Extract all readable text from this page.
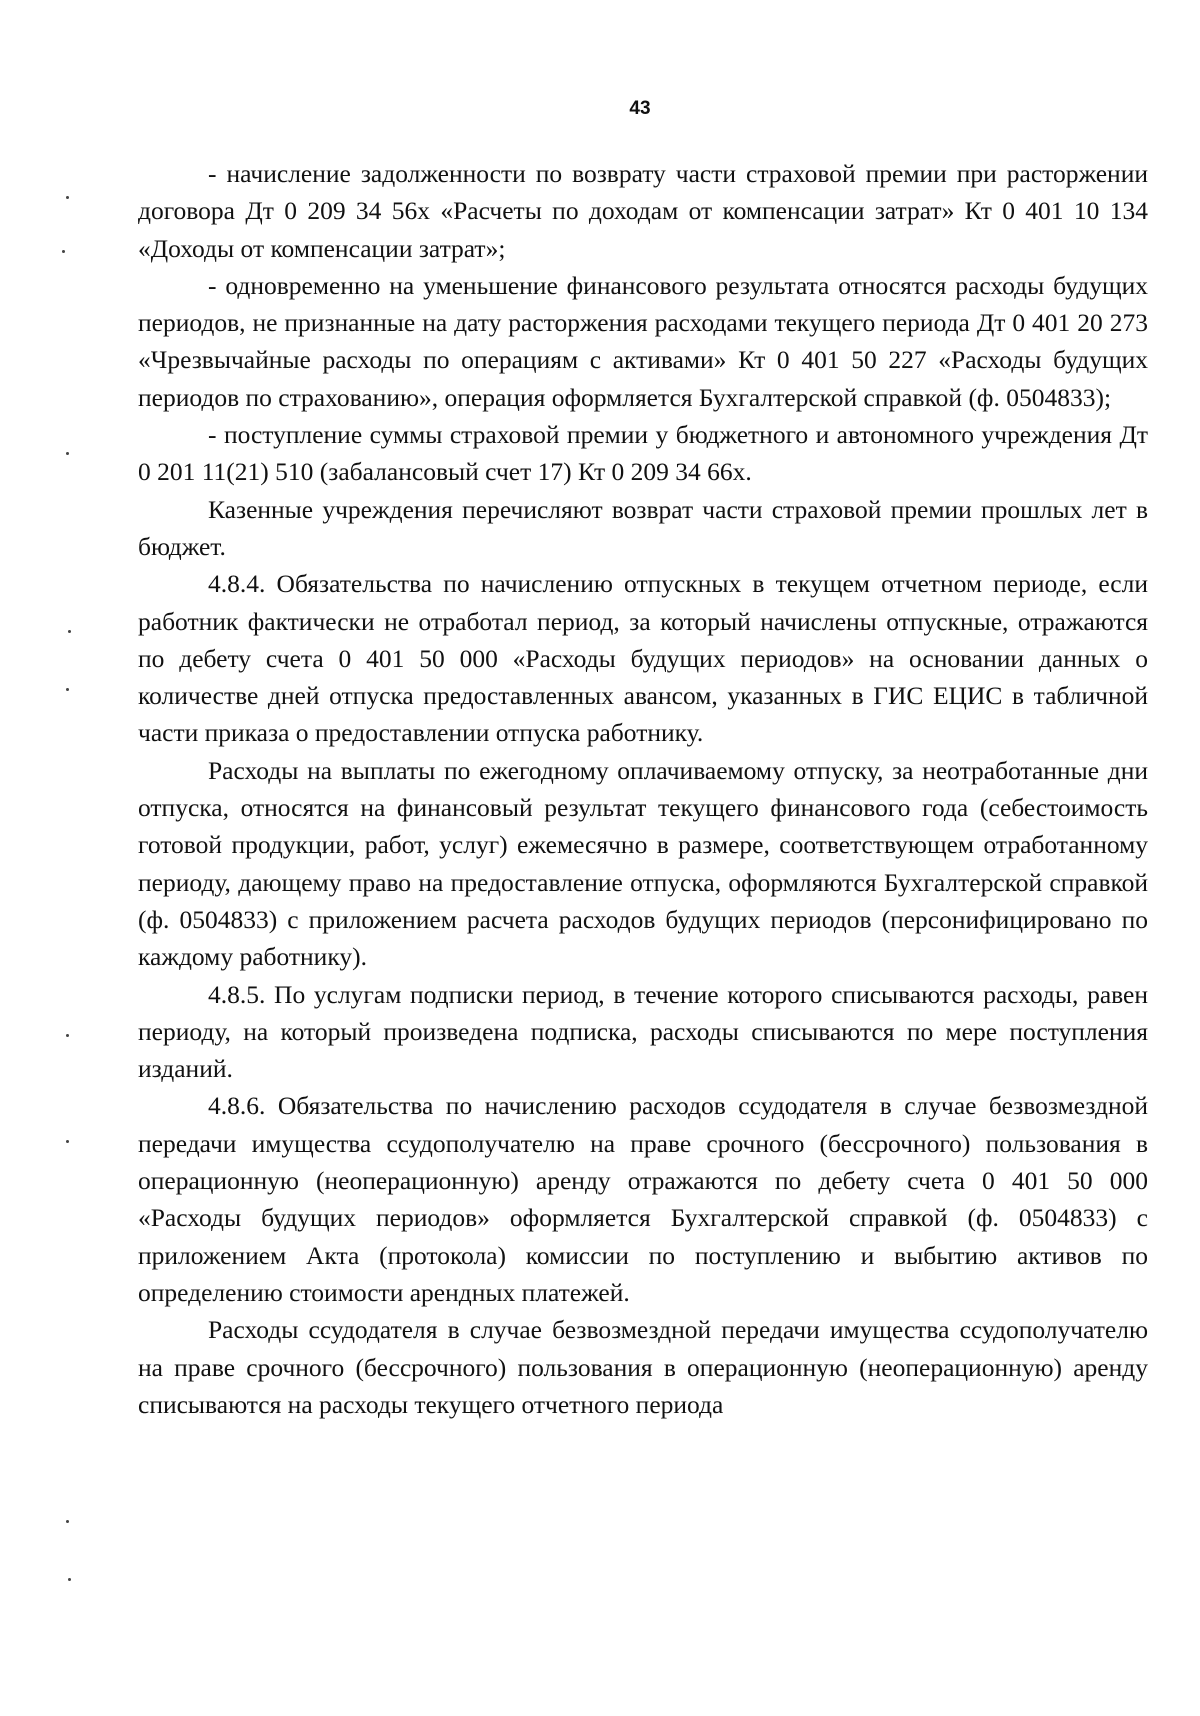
43

- начисление задолженности по возврату части страховой премии при расторжении договора Дт 0 209 34 56х «Расчеты по доходам от компенсации затрат» Кт 0 401 10 134 «Доходы от компенсации затрат»;

- одновременно на уменьшение финансового результата относятся расходы будущих периодов, не признанные на дату расторжения расходами текущего периода Дт 0 401 20 273 «Чрезвычайные расходы по операциям с активами» Кт 0 401 50 227 «Расходы будущих периодов по страхованию», операция оформляется Бухгалтерской справкой (ф. 0504833);

- поступление суммы страховой премии у бюджетного и автономного учреждения Дт 0 201 11(21) 510 (забалансовый счет 17) Кт 0 209 34 66х.

Казенные учреждения перечисляют возврат части страховой премии прошлых лет в бюджет.

4.8.4. Обязательства по начислению отпускных в текущем отчетном периоде, если работник фактически не отработал период, за который начислены отпускные, отражаются по дебету счета 0 401 50 000 «Расходы будущих периодов» на основании данных о количестве дней отпуска предоставленных авансом, указанных в ГИС ЕЦИС в табличной части приказа о предоставлении отпуска работнику.

Расходы на выплаты по ежегодному оплачиваемому отпуску, за неотработанные дни отпуска, относятся на финансовый результат текущего финансового года (себестоимость готовой продукции, работ, услуг) ежемесячно в размере, соответствующем отработанному периоду, дающему право на предоставление отпуска, оформляются Бухгалтерской справкой (ф. 0504833) с приложением расчета расходов будущих периодов (персонифицировано по каждому работнику).

4.8.5. По услугам подписки период, в течение которого списываются расходы, равен периоду, на который произведена подписка, расходы списываются по мере поступления изданий.

4.8.6. Обязательства по начислению расходов ссудодателя в случае безвозмездной передачи имущества ссудополучателю на праве срочного (бессрочного) пользования в операционную (неоперационную) аренду отражаются по дебету счета 0 401 50 000 «Расходы будущих периодов» оформляется Бухгалтерской справкой (ф. 0504833) с приложением Акта (протокола) комиссии по поступлению и выбытию активов по определению стоимости арендных платежей.

Расходы ссудодателя в случае безвозмездной передачи имущества ссудополучателю на праве срочного (бессрочного) пользования в операционную (неоперационную) аренду списываются на расходы текущего отчетного периода
